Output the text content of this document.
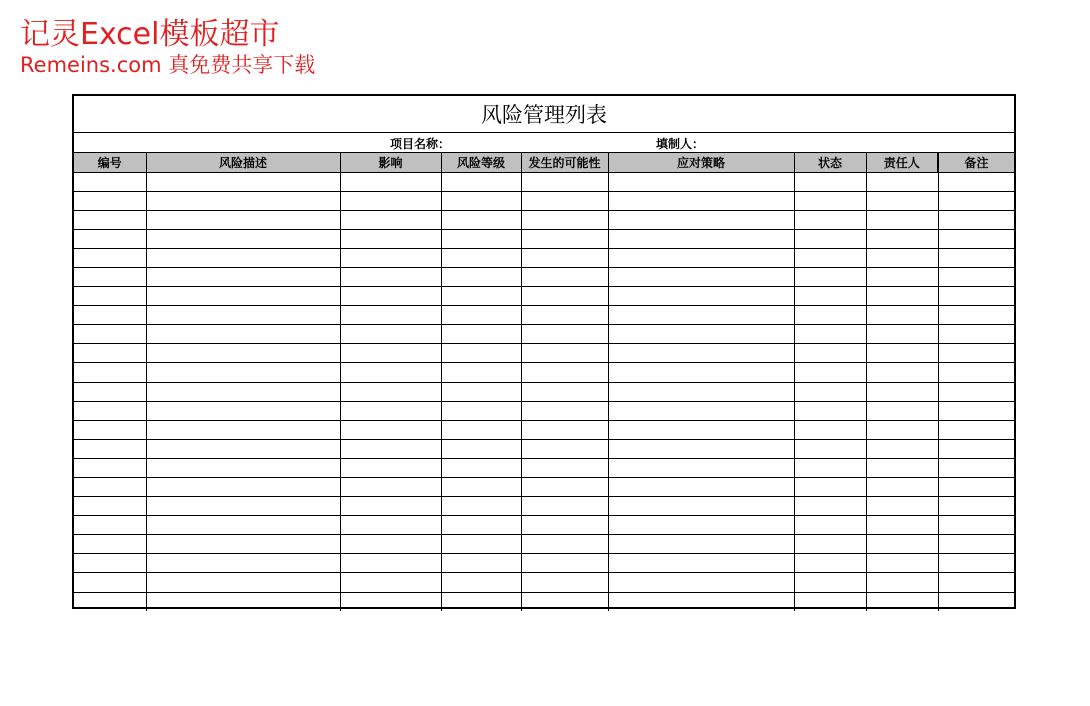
记灵Excel模板超市
Remeins.com 真免费共享下载
风险管理列表
项目名称：	填制人：
编号	风险描述	影响	风险等级	发生的可能性	应对策略	状态	责任人	备注
